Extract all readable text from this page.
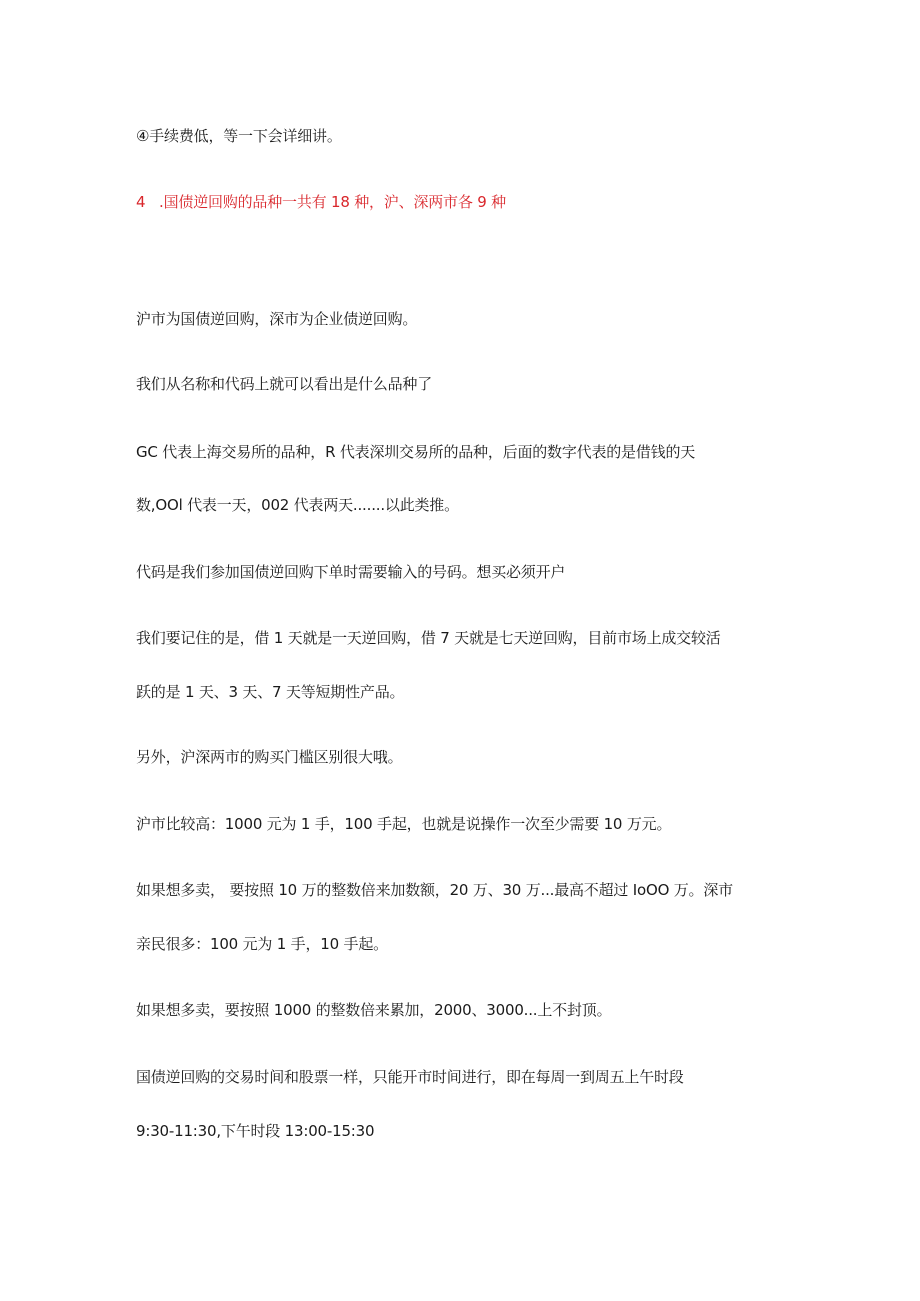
④手续费低，等一下会详细讲。

4   .国债逆回购的品种一共有 18 种，沪、深两市各 9 种

沪市为国债逆回购，深市为企业债逆回购。

我们从名称和代码上就可以看出是什么品种了

GC 代表上海交易所的品种，R 代表深圳交易所的品种，后面的数字代表的是借钱的天

数,OOl 代表一天，002 代表两天.......以此类推。

代码是我们参加国债逆回购下单时需要输入的号码。想买必须开户

我们要记住的是，借 1 天就是一天逆回购，借 7 天就是七天逆回购，目前市场上成交较活

跃的是 1 天、3 天、7 天等短期性产品。

另外，沪深两市的购买门槛区别很大哦。

沪市比较高：1000 元为 1 手，100 手起，也就是说操作一次至少需要 10 万元。

如果想多卖， 要按照 10 万的整数倍来加数额，20 万、30 万...最高不超过 IoOO 万。深市

亲民很多：100 元为 1 手，10 手起。

如果想多卖，要按照 1000 的整数倍来累加，2000、3000...上不封顶。

国债逆回购的交易时间和股票一样，只能开市时间进行，即在每周一到周五上午时段

9:30-11:30,下午时段 13:00-15:30
